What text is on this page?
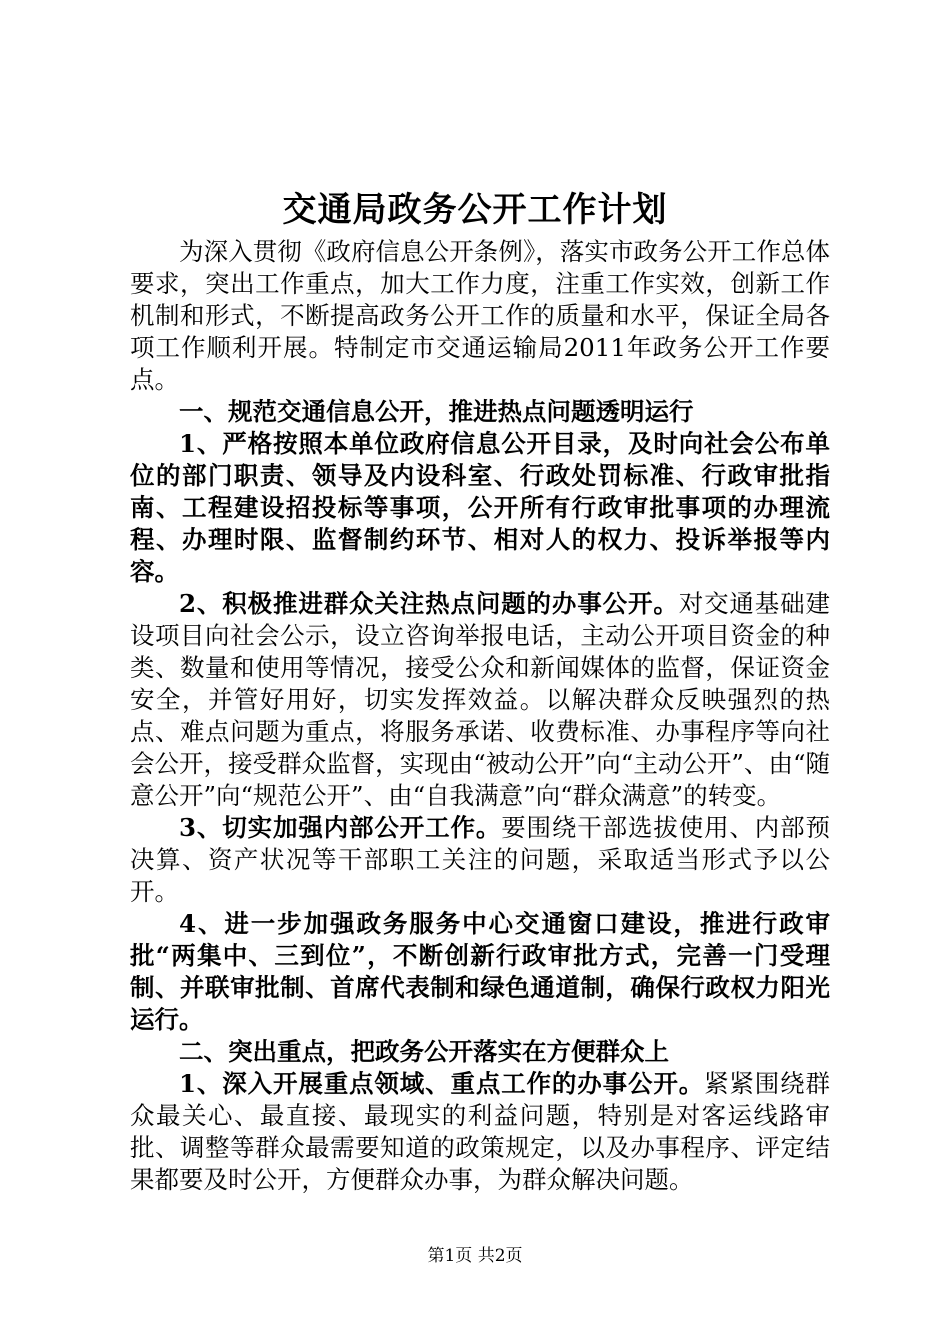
交通局政务公开工作计划

为深入贯彻《政府信息公开条例》，落实市政务公开工作总体要求，突出工作重点，加大工作力度，注重工作实效，创新工作机制和形式，不断提高政务公开工作的质量和水平，保证全局各项工作顺利开展。特制定市交通运输局2011年政务公开工作要点。

一、规范交通信息公开，推进热点问题透明运行

1、严格按照本单位政府信息公开目录，及时向社会公布单位的部门职责、领导及内设科室、行政处罚标准、行政审批指南、工程建设招投标等事项，公开所有行政审批事项的办理流程、办理时限、监督制约环节、相对人的权力、投诉举报等内容。

2、积极推进群众关注热点问题的办事公开。对交通基础建设项目向社会公示，设立咨询举报电话，主动公开项目资金的种类、数量和使用等情况，接受公众和新闻媒体的监督，保证资金安全，并管好用好，切实发挥效益。以解决群众反映强烈的热点、难点问题为重点，将服务承诺、收费标准、办事程序等向社会公开，接受群众监督，实现由“被动公开”向“主动公开”、由“随意公开”向“规范公开”、由“自我满意”向“群众满意”的转变。

3、切实加强内部公开工作。要围绕干部选拔使用、内部预决算、资产状况等干部职工关注的问题，采取适当形式予以公开。

4、进一步加强政务服务中心交通窗口建设，推进行政审批“两集中、三到位”，不断创新行政审批方式，完善一门受理制、并联审批制、首席代表制和绿色通道制，确保行政权力阳光运行。

二、突出重点，把政务公开落实在方便群众上

1、深入开展重点领域、重点工作的办事公开。紧紧围绕群众最关心、最直接、最现实的利益问题，特别是对客运线路审批、调整等群众最需要知道的政策规定，以及办事程序、评定结果都要及时公开，方便群众办事，为群众解决问题。

第1页 共2页
